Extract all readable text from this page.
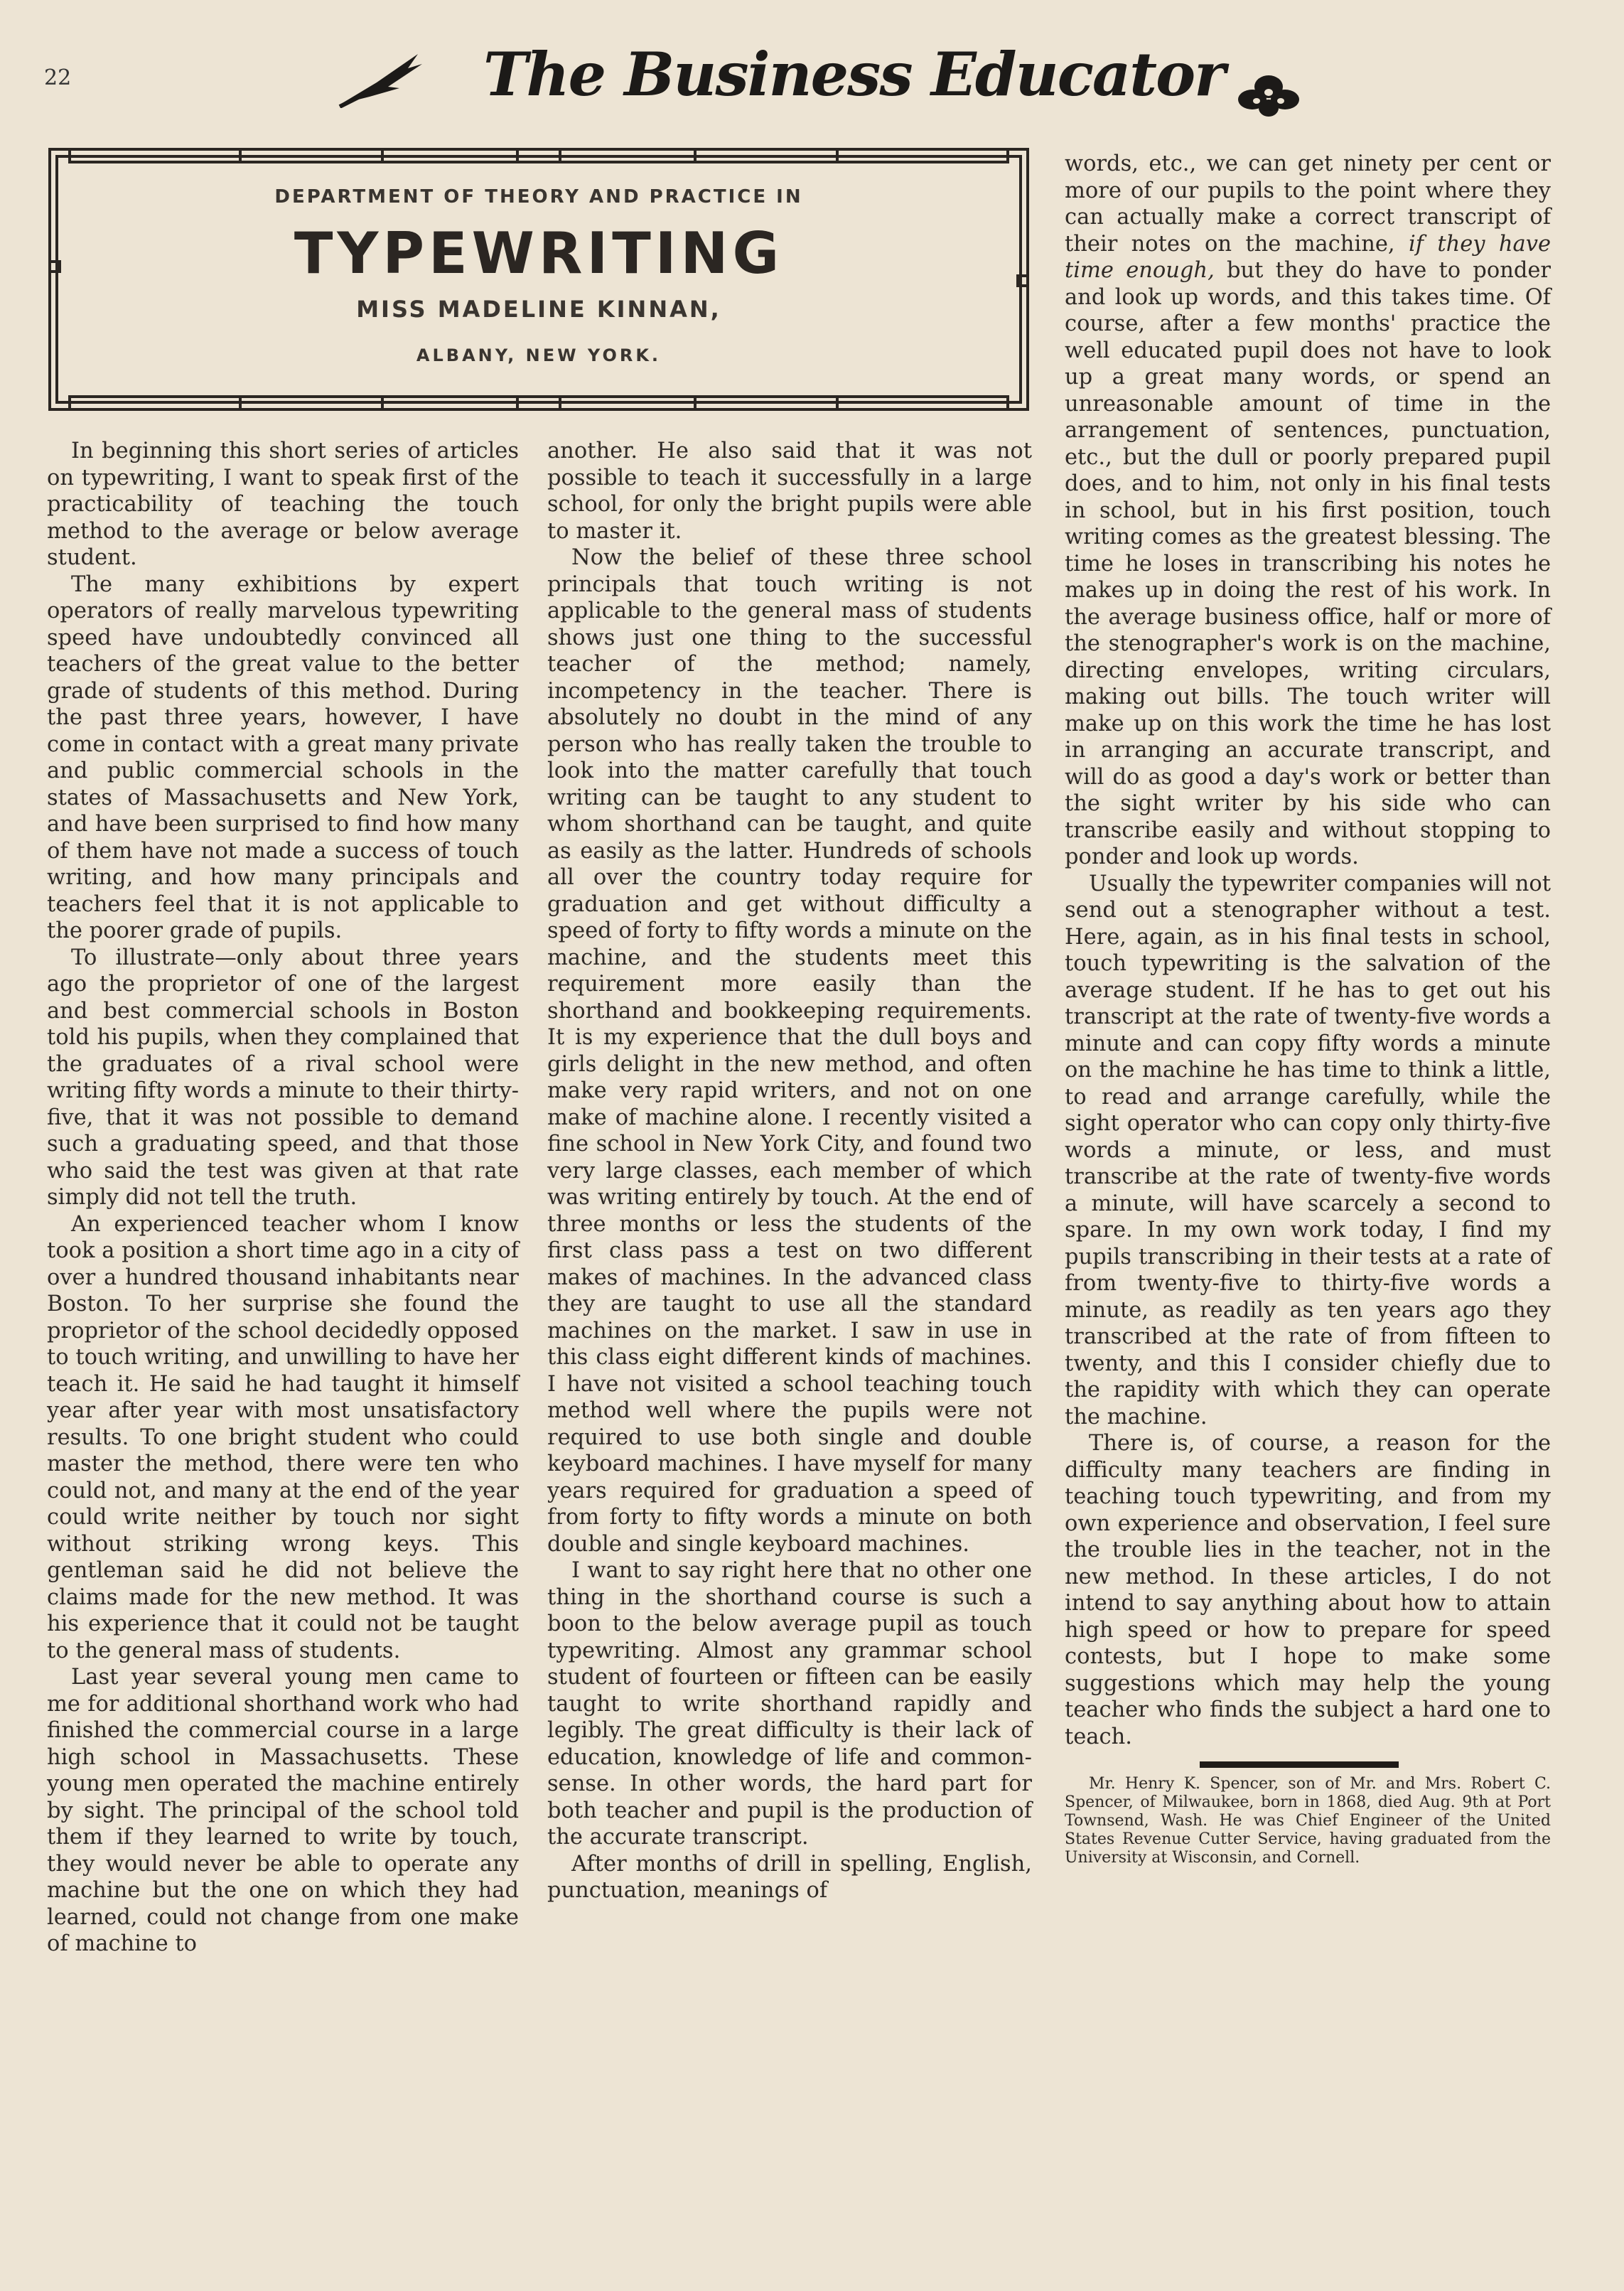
22	The Business Educator
DEPARTMENT OF THEORY AND PRACTICE IN
TYPEWRITING
MISS MADELINE KINNAN,
ALBANY, NEW YORK.

In beginning this short series of articles on typewriting, I want to speak first of the practicability of teaching the touch method to the average or below average student.

The many exhibitions by expert operators of really marvelous typewriting speed have undoubtedly convinced all teachers of the great value to the better grade of students of this method. During the past three years, however, I have come in contact with a great many private and public commercial schools in the states of Massachusetts and New York, and have been surprised to find how many of them have not made a success of touch writing, and how many principals and teachers feel that it is not applicable to the poorer grade of pupils.

To illustrate—only about three years ago the proprietor of one of the largest and best commercial schools in Boston told his pupils, when they complained that the graduates of a rival school were writing fifty words a minute to their thirty-five, that it was not possible to demand such a graduating speed, and that those who said the test was given at that rate simply did not tell the truth.

An experienced teacher whom I know took a position a short time ago in a city of over a hundred thousand inhabitants near Boston. To her surprise she found the proprietor of the school decidedly opposed to touch writing, and unwilling to have her teach it. He said he had taught it himself year after year with most unsatisfactory results. To one bright student who could master the method, there were ten who could not, and many at the end of the year could write neither by touch nor sight without striking wrong keys. This gentleman said he did not believe the claims made for the new method. It was his experience that it could not be taught to the general mass of students.

Last year several young men came to me for additional shorthand work who had finished the commercial course in a large high school in Massachusetts. These young men operated the machine entirely by sight. The principal of the school told them if they learned to write by touch, they would never be able to operate any machine but the one on which they had learned, could not change from one make of machine to

another. He also said that it was not possible to teach it successfully in a large school, for only the bright pupils were able to master it.

Now the belief of these three school principals that touch writing is not applicable to the general mass of students shows just one thing to the successful teacher of the method; namely, incompetency in the teacher. There is absolutely no doubt in the mind of any person who has really taken the trouble to look into the matter carefully that touch writing can be taught to any student to whom shorthand can be taught, and quite as easily as the latter. Hundreds of schools all over the country today require for graduation and get without difficulty a speed of forty to fifty words a minute on the machine, and the students meet this requirement more easily than the shorthand and bookkeeping requirements. It is my experience that the dull boys and girls delight in the new method, and often make very rapid writers, and not on one make of machine alone. I recently visited a fine school in New York City, and found two very large classes, each member of which was writing entirely by touch. At the end of three months or less the students of the first class pass a test on two different makes of machines. In the advanced class they are taught to use all the standard machines on the market. I saw in use in this class eight different kinds of machines. I have not visited a school teaching touch method well where the pupils were not required to use both single and double keyboard machines. I have myself for many years required for graduation a speed of from forty to fifty words a minute on both double and single keyboard machines.

I want to say right here that no other one thing in the shorthand course is such a boon to the below average pupil as touch typewriting. Almost any grammar school student of fourteen or fifteen can be easily taught to write shorthand rapidly and legibly. The great difficulty is their lack of education, knowledge of life and common-sense. In other words, the hard part for both teacher and pupil is the production of the accurate transcript.

After months of drill in spelling, English, punctuation, meanings of

words, etc., we can get ninety per cent or more of our pupils to the point where they can actually make a correct transcript of their notes on the machine, if they have time enough, but they do have to ponder and look up words, and this takes time. Of course, after a few months' practice the well educated pupil does not have to look up a great many words, or spend an unreasonable amount of time in the arrangement of sentences, punctuation, etc., but the dull or poorly prepared pupil does, and to him, not only in his final tests in school, but in his first position, touch writing comes as the greatest blessing. The time he loses in transcribing his notes he makes up in doing the rest of his work. In the average business office, half or more of the stenographer's work is on the machine, directing envelopes, writing circulars, making out bills. The touch writer will make up on this work the time he has lost in arranging an accurate transcript, and will do as good a day's work or better than the sight writer by his side who can transcribe easily and without stopping to ponder and look up words.

Usually the typewriter companies will not send out a stenographer without a test. Here, again, as in his final tests in school, touch typewriting is the salvation of the average student. If he has to get out his transcript at the rate of twenty-five words a minute and can copy fifty words a minute on the machine he has time to think a little, to read and arrange carefully, while the sight operator who can copy only thirty-five words a minute, or less, and must transcribe at the rate of twenty-five words a minute, will have scarcely a second to spare. In my own work today, I find my pupils transcribing in their tests at a rate of from twenty-five to thirty-five words a minute, as readily as ten years ago they transcribed at the rate of from fifteen to twenty, and this I consider chiefly due to the rapidity with which they can operate the machine.

There is, of course, a reason for the difficulty many teachers are finding in teaching touch typewriting, and from my own experience and observation, I feel sure the trouble lies in the teacher, not in the new method. In these articles, I do not intend to say anything about how to attain high speed or how to prepare for speed contests, but I hope to make some suggestions which may help the young teacher who finds the subject a hard one to teach.

Mr. Henry K. Spencer, son of Mr. and Mrs. Robert C. Spencer, of Milwaukee, born in 1868, died Aug. 9th at Port Townsend, Wash. He was Chief Engineer of the United States Revenue Cutter Service, having graduated from the University at Wisconsin, and Cornell.
